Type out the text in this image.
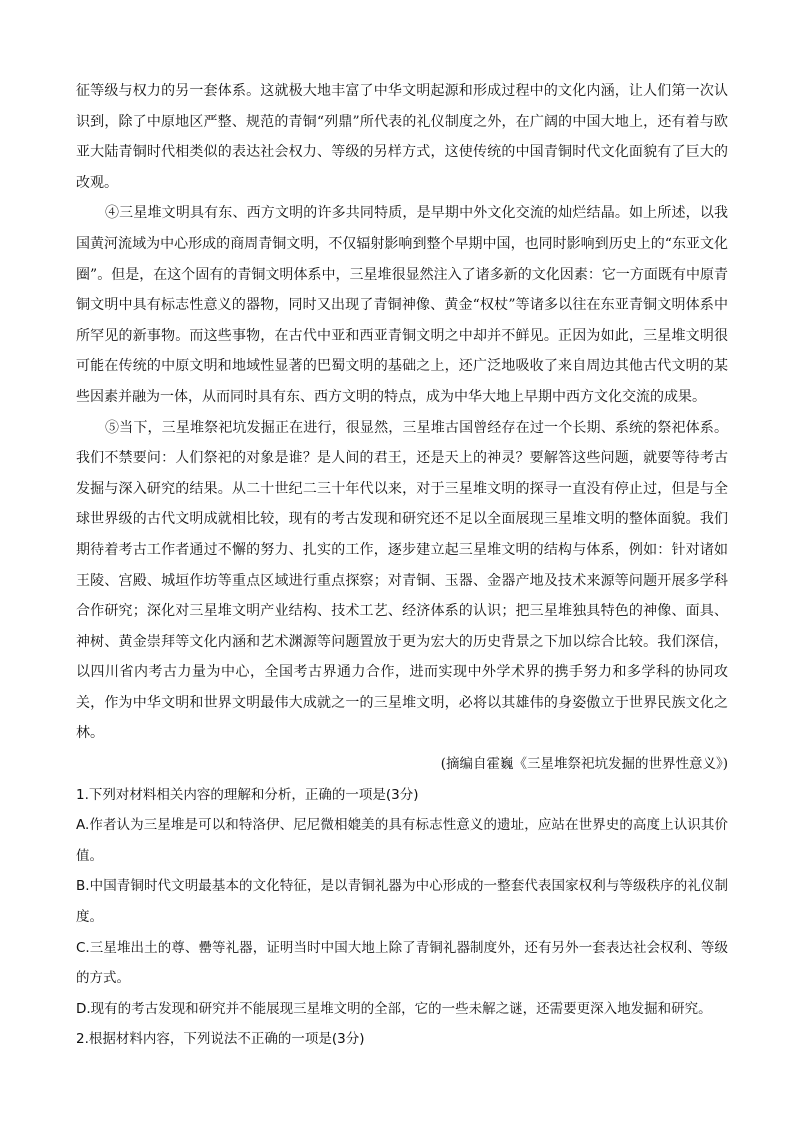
征等级与权力的另一套体系。这就极大地丰富了中华文明起源和形成过程中的文化内涵，让人们第一次认识到，除了中原地区严整、规范的青铜“列鼎”所代表的礼仪制度之外，在广阔的中国大地上，还有着与欧亚大陆青铜时代相类似的表达社会权力、等级的另样方式，这使传统的中国青铜时代文化面貌有了巨大的改观。

④三星堆文明具有东、西方文明的许多共同特质，是早期中外文化交流的灿烂结晶。如上所述，以我国黄河流域为中心形成的商周青铜文明，不仅辐射影响到整个早期中国，也同时影响到历史上的“东亚文化圈”。但是，在这个固有的青铜文明体系中，三星堆很显然注入了诸多新的文化因素：它一方面既有中原青铜文明中具有标志性意义的器物，同时又出现了青铜神像、黄金“权杖”等诸多以往在东亚青铜文明体系中所罕见的新事物。而这些事物，在古代中亚和西亚青铜文明之中却并不鲜见。正因为如此，三星堆文明很可能在传统的中原文明和地域性显著的巴蜀文明的基础之上，还广泛地吸收了来自周边其他古代文明的某些因素并融为一体，从而同时具有东、西方文明的特点，成为中华大地上早期中西方文化交流的成果。

⑤当下，三星堆祭祀坑发掘正在进行，很显然，三星堆古国曾经存在过一个长期、系统的祭祀体系。我们不禁要问：人们祭祀的对象是谁？是人间的君王，还是天上的神灵？要解答这些问题，就要等待考古发掘与深入研究的结果。从二十世纪二三十年代以来，对于三星堆文明的探寻一直没有停止过，但是与全球世界级的古代文明成就相比较，现有的考古发现和研究还不足以全面展现三星堆文明的整体面貌。我们期待着考古工作者通过不懈的努力、扎实的工作，逐步建立起三星堆文明的结构与体系，例如：针对诸如王陵、宫殿、城垣作坊等重点区域进行重点探察；对青铜、玉器、金器产地及技术来源等问题开展多学科合作研究；深化对三星堆文明产业结构、技术工艺、经济体系的认识；把三星堆独具特色的神像、面具、神树、黄金崇拜等文化内涵和艺术渊源等问题置放于更为宏大的历史背景之下加以综合比较。我们深信，以四川省内考古力量为中心，全国考古界通力合作，进而实现中外学术界的携手努力和多学科的协同攻关，作为中华文明和世界文明最伟大成就之一的三星堆文明，必将以其雄伟的身姿傲立于世界民族文化之林。

(摘编自霍巍《三星堆祭祀坑发掘的世界性意义》)

1.下列对材料相关内容的理解和分析，正确的一项是(3分)

A.作者认为三星堆是可以和特洛伊、尼尼微相媲美的具有标志性意义的遗址，应站在世界史的高度上认识其价值。

B.中国青铜时代文明最基本的文化特征，是以青铜礼器为中心形成的一整套代表国家权利与等级秩序的礼仪制度。

C.三星堆出土的尊、罍等礼器，证明当时中国大地上除了青铜礼器制度外，还有另外一套表达社会权利、等级的方式。

D.现有的考古发现和研究并不能展现三星堆文明的全部，它的一些未解之谜，还需要更深入地发掘和研究。

2.根据材料内容，下列说法不正确的一项是(3分)
